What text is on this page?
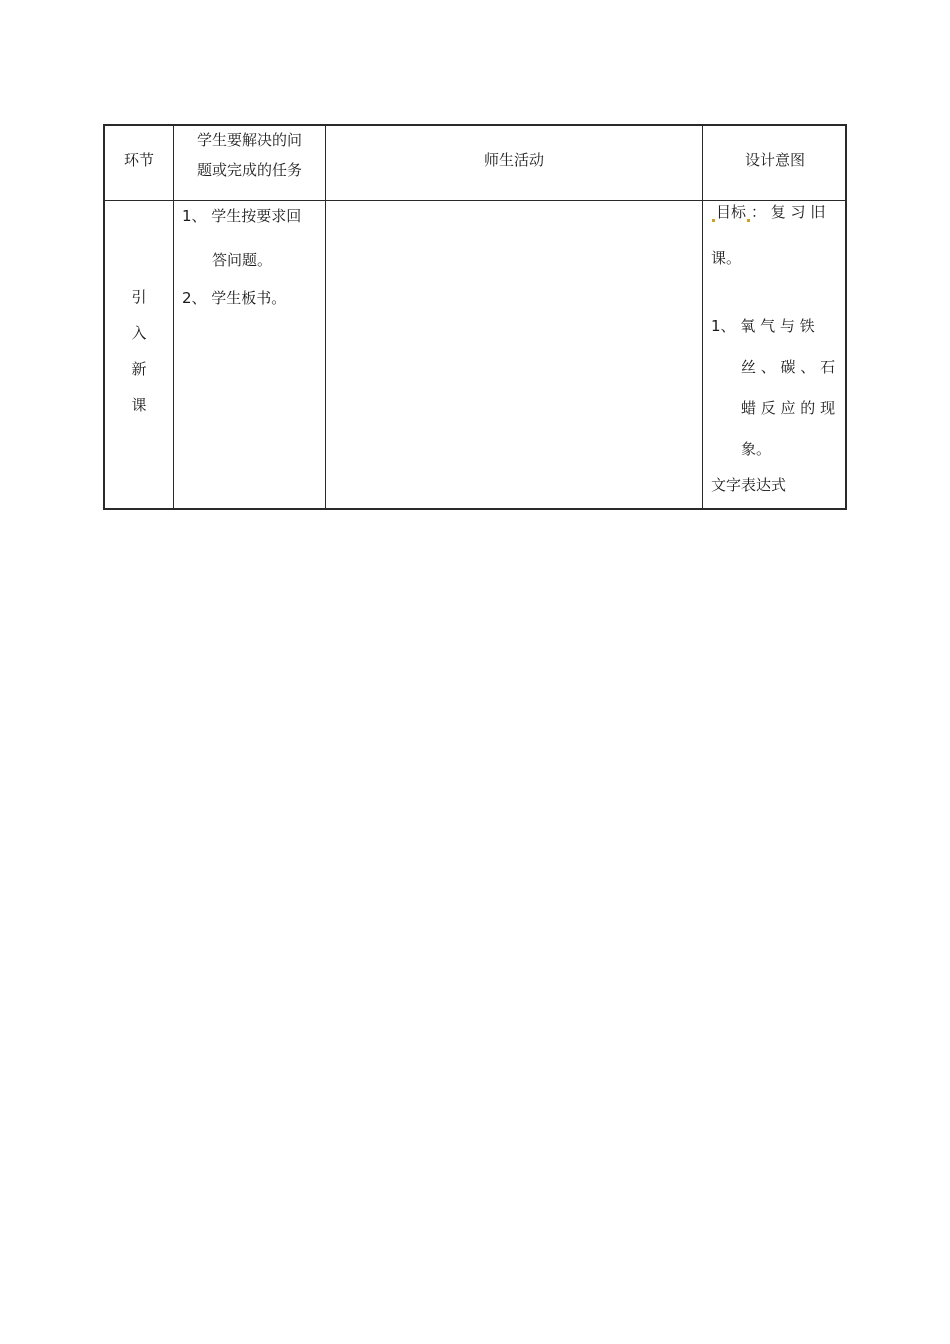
环节
学生要解决的问
题或完成的任务
师生活动	设计意图
引
入
新
课
1、 学生按要求回
答问题。
2、 学生板书。
目标 ： 复 习 旧
课。
1、 氧 气 与 铁
丝 、 碳 、 石
蜡 反 应 的 现
象。
文字表达式
